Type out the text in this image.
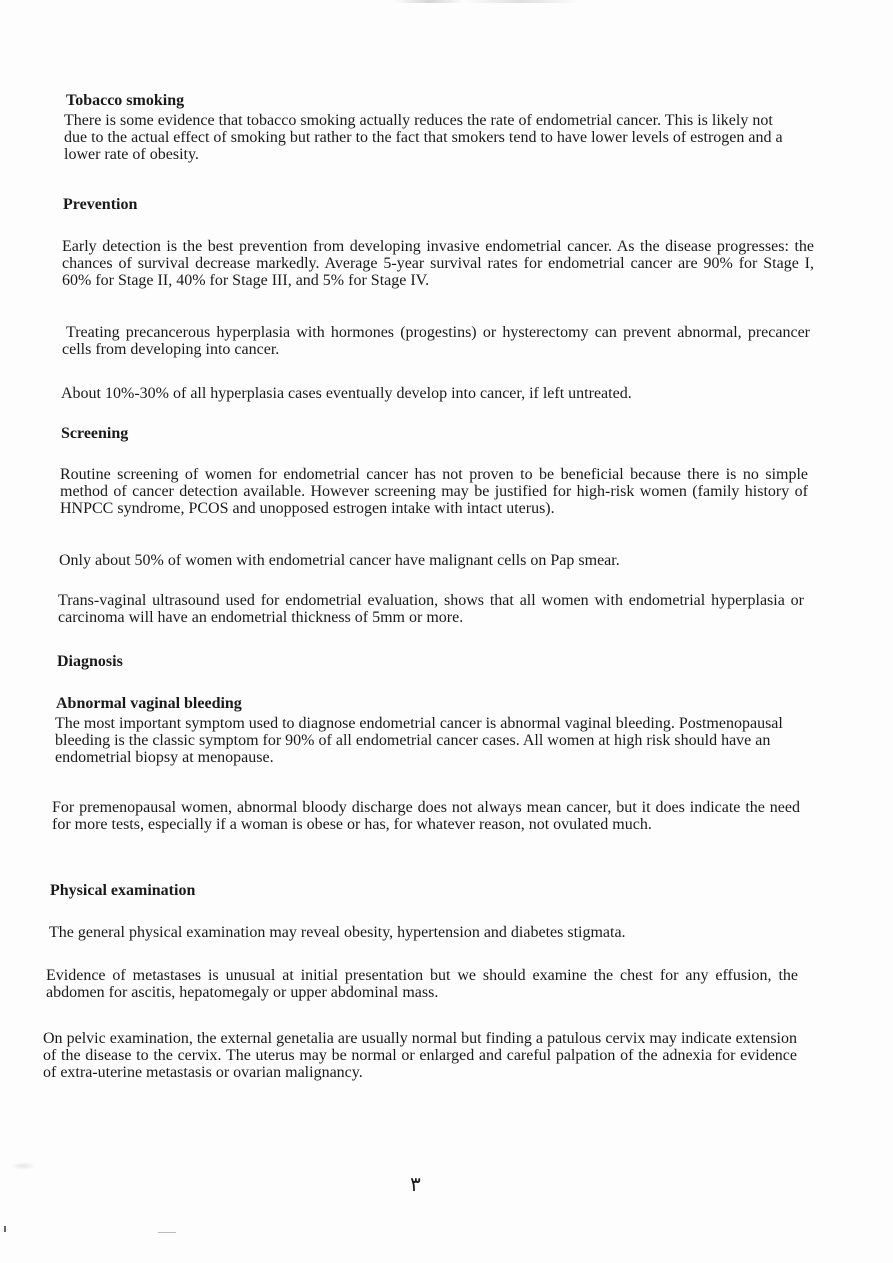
Tobacco smoking

There is some evidence that tobacco smoking actually reduces the rate of endometrial cancer. This is likely not due to the actual effect of smoking but rather to the fact that smokers tend to have lower levels of estrogen and a lower rate of obesity.

Prevention

Early detection is the best prevention from developing invasive endometrial cancer. As the disease progresses: the chances of survival decrease markedly. Average 5-year survival rates for endometrial cancer are 90% for Stage I, 60% for Stage II, 40% for Stage III, and 5% for Stage IV.

Treating precancerous hyperplasia with hormones (progestins) or hysterectomy can prevent abnormal, precancer cells from developing into cancer.

About 10%-30% of all hyperplasia cases eventually develop into cancer, if left untreated.

Screening

Routine screening of women for endometrial cancer has not proven to be beneficial because there is no simple method of cancer detection available. However screening may be justified for high-risk women (family history of HNPCC syndrome, PCOS and unopposed estrogen intake with intact uterus).

Only about 50% of women with endometrial cancer have malignant cells on Pap smear.

Trans-vaginal ultrasound used for endometrial evaluation, shows that all women with endometrial hyperplasia or carcinoma will have an endometrial thickness of 5mm or more.

Diagnosis
Abnormal vaginal bleeding

The most important symptom used to diagnose endometrial cancer is abnormal vaginal bleeding. Postmenopausal bleeding is the classic symptom for 90% of all endometrial cancer cases. All women at high risk should have an endometrial biopsy at menopause.

For premenopausal women, abnormal bloody discharge does not always mean cancer, but it does indicate the need for more tests, especially if a woman is obese or has, for whatever reason, not ovulated much.

Physical examination

The general physical examination may reveal obesity, hypertension and diabetes stigmata.

Evidence of metastases is unusual at initial presentation but we should examine the chest for any effusion, the abdomen for ascitis, hepatomegaly or upper abdominal mass.

On pelvic examination, the external genetalia are usually normal but finding a patulous cervix may indicate extension of the disease to the cervix. The uterus may be normal or enlarged and careful palpation of the adnexia for evidence of extra-uterine metastasis or ovarian malignancy.

٣
